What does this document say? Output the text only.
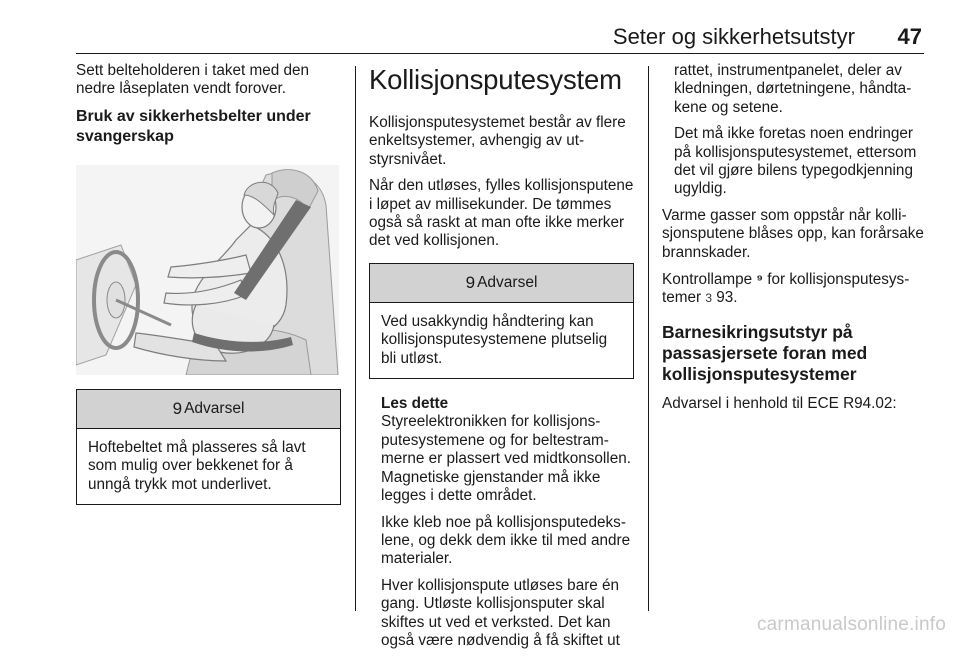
Seter og sikkerhetsutstyr 47

Sett belteholderen i taket med den nedre låseplaten vendt forover.

Bruk av sikkerhetsbelter under svangerskap
9 Advarsel
Hoftebeltet må plasseres så lavt som mulig over bekkenet for å unngå trykk mot underlivet.
Kollisjonsputesystem

Kollisjonsputesystemet består av flere enkeltsystemer, avhengig av utstyrsnivået.

Når den utløses, fylles kollisjonsputene i løpet av millisekunder. De tømmes også så raskt at man ofte ikke merker det ved kollisjonen.

9 Advarsel
Ved usakkyndig håndtering kan kollisjonsputesystemene plutselig bli utløst.

Les dette
Styreelektronikken for kollisjonsputesystemene og for beltestrammerne er plassert ved midtkonsollen. Magnetiske gjenstander må ikke legges i dette området.

Ikke kleb noe på kollisjonsputedekslene, og dekk dem ikke til med andre materialer.

Hver kollisjonspute utløses bare én gang. Utløste kollisjonsputer skal skiftes ut ved et verksted. Det kan også være nødvendig å få skiftet ut

rattet, instrumentpanelet, deler av kledningen, dørtetningene, håndtakene og setene.

Det må ikke foretas noen endringer på kollisjonsputesystemet, ettersom det vil gjøre bilens typegodkjenning ugyldig.

Varme gasser som oppstår når kollisjonsputene blåses opp, kan forårsake brannskader.

Kontrollampe ⁹ for kollisjonsputesystemer 3 93.

Barnesikringsutstyr på passasjersete foran med kollisjonsputesystemer

Advarsel i henhold til ECE R94.02:

carmanualsonline.info
